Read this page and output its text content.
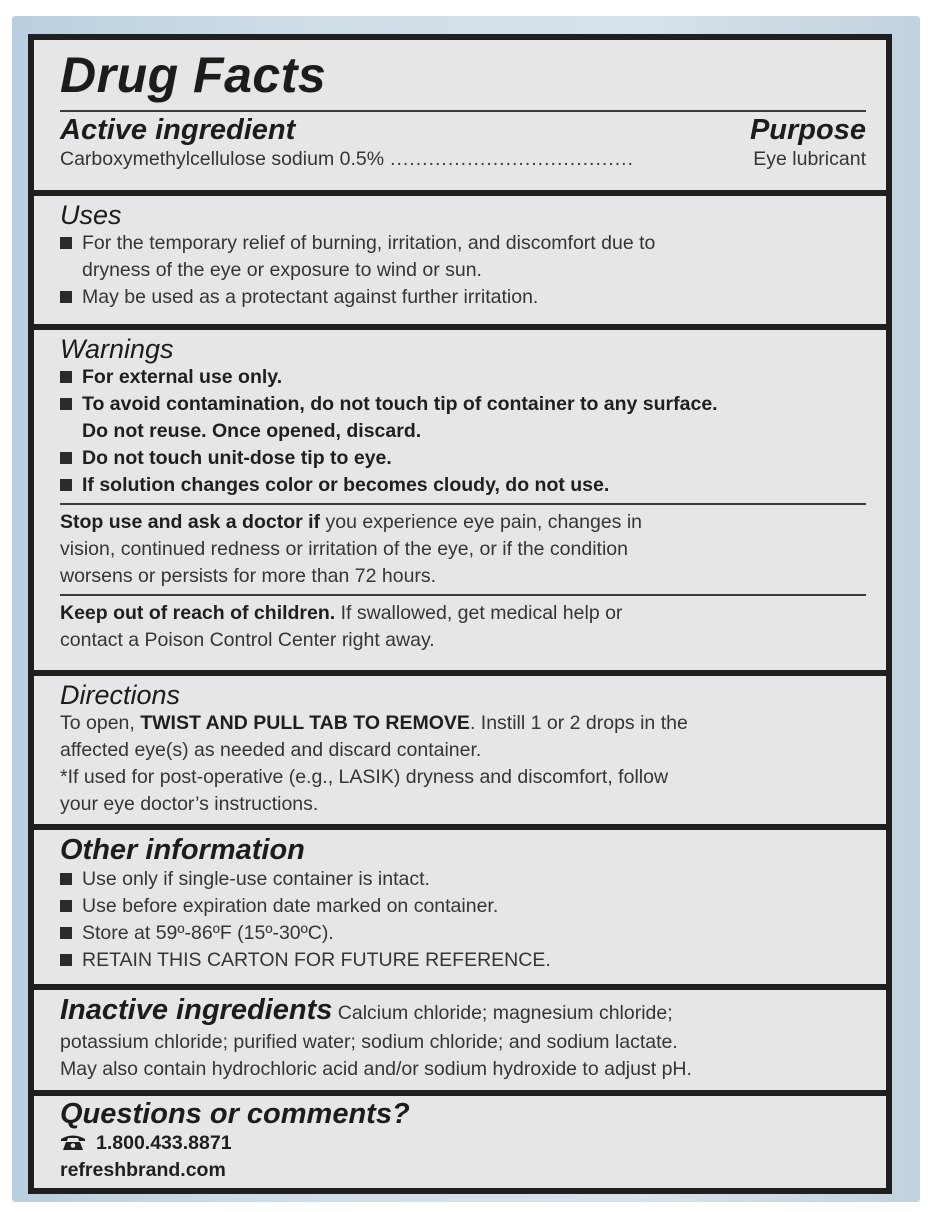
Drug Facts
Active ingredient	Purpose
Carboxymethylcellulose sodium 0.5% ......................................	Eye lubricant
Uses
For the temporary relief of burning, irritation, and discomfort due to
dryness of the eye or exposure to wind or sun.
May be used as a protectant against further irritation.
Warnings
For external use only.
To avoid contamination, do not touch tip of container to any surface.
Do not reuse. Once opened, discard.
Do not touch unit-dose tip to eye.
If solution changes color or becomes cloudy, do not use.
Stop use and ask a doctor if you experience eye pain, changes in
vision, continued redness or irritation of the eye, or if the condition
worsens or persists for more than 72 hours.
Keep out of reach of children. If swallowed, get medical help or
contact a Poison Control Center right away.
Directions
To open, TWIST AND PULL TAB TO REMOVE. Instill 1 or 2 drops in the
affected eye(s) as needed and discard container.
*If used for post-operative (e.g., LASIK) dryness and discomfort, follow
your eye doctor’s instructions.
Other information
Use only if single-use container is intact.
Use before expiration date marked on container.
Store at 59º-86ºF (15º-30ºC).
RETAIN THIS CARTON FOR FUTURE REFERENCE.
Inactive ingredients Calcium chloride; magnesium chloride;
potassium chloride; purified water; sodium chloride; and sodium lactate.
May also contain hydrochloric acid and/or sodium hydroxide to adjust pH.
Questions or comments?
1.800.433.8871
refreshbrand.com
